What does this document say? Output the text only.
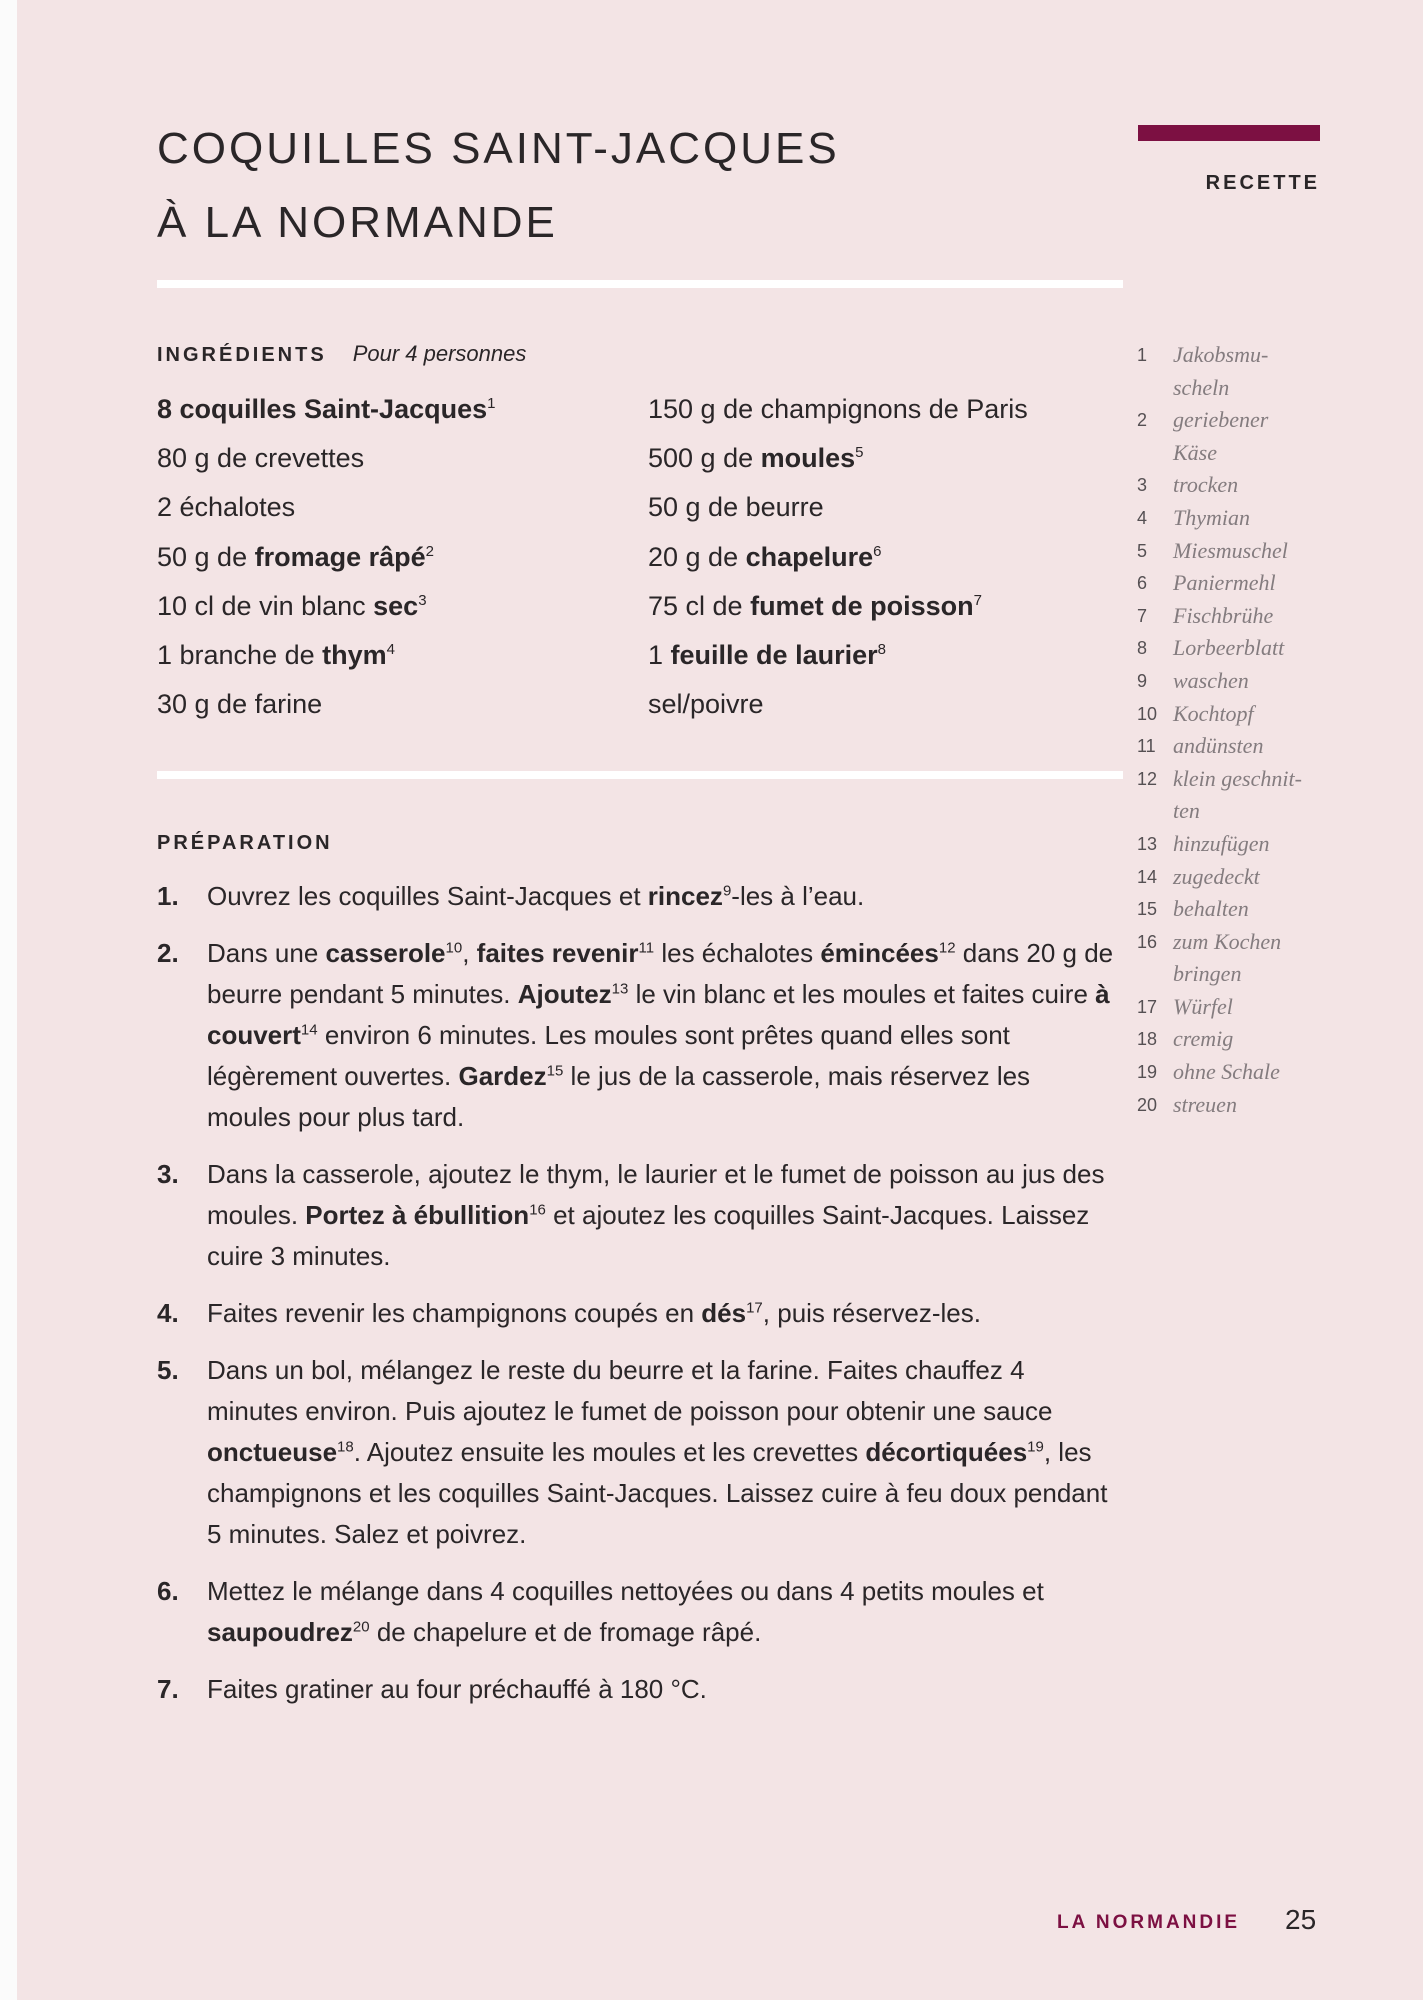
COQUILLES SAINT-JACQUES
À LA NORMANDE
RECETTE
INGRÉDIENTS Pour 4 personnes
8 coquilles Saint-Jacques$^1$
80 g de crevettes
2 échalotes
50 g de fromage râpé$^2$
10 cl de vin blanc $\sec^3$
1 branche de thym$^4$
30 g de farine
150 g de champignons de Paris
500 g de moules$^5$
50 g de beurre
20 g de chapelure$^6$
75 cl de fumet de poisson$^7$
1 feuille de laurier$^8$
sel/poivre
PRÉPARATION
1.	Ouvrez les coquilles Saint-Jacques et rincez$^9$-les à l’eau.
2.	Dans une casserole$^{10}$, faites revenir$^{11}$ les échalotes émincées$^{12}$ dans 20 g de beurre pendant 5 minutes. Ajoutez$^{13}$ le vin blanc et les moules et faites cuire à couvert$^{14}$ environ 6 minutes. Les moules sont prêtes quand elles sont légèrement ouvertes. Gardez$^{15}$ le jus de la casserole, mais réservez les moules pour plus tard.
3.	Dans la casserole, ajoutez le thym, le laurier et le fumet de poisson au jus des moules. Portez à ébullition$^{16}$ et ajoutez les coquilles Saint-Jacques. Laissez cuire 3 minutes.
4.	Faites revenir les champignons coupés en dés$^{17}$, puis réservez-les.
5.	Dans un bol, mélangez le reste du beurre et la farine. Faites chauffez 4 minutes environ. Puis ajoutez le fumet de poisson pour obtenir une sauce onctueuse$^{18}$. Ajoutez ensuite les moules et les crevettes décortiquées$^{19}$, les champignons et les coquilles Saint-Jacques. Laissez cuire à feu doux pendant 5 minutes. Salez et poivrez.
6.	Mettez le mélange dans 4 coquilles nettoyées ou dans 4 petits moules et saupoudrez$^{20}$ de chapelure et de fromage râpé.
7.	Faites gratiner au four préchauffé à 180 °C.
1	Jakobsmu-
scheln
2	geriebener
Käse
3	trocken
4	Thymian
5	Miesmuschel
6	Paniermehl
7	Fischbrühe
8	Lorbeerblatt
9	waschen
10 Kochtopf
11 andünsten
12 klein geschnit-
ten
13 hinzufügen
14 zugedeckt
15 behalten
16 zum Kochen
bringen
17 Würfel
18 cremig
19 ohne Schale
20 streuen
LA NORMANDIE 25
